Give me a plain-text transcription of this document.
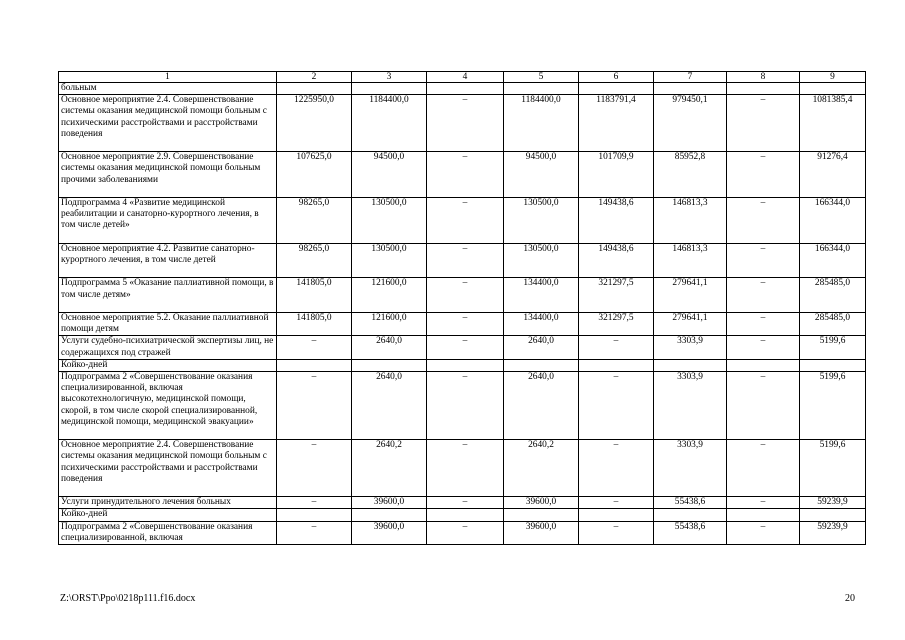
1	2	3	4	5	6	7	8	9
больным								
Основное мероприятие 2.4. Совершенствование системы оказания медицинской помощи больным с психическими расстройствами и расстройствами поведения	1225950,0	1184400,0	–	1184400,0	1183791,4	979450,1	–	1081385,4
Основное мероприятие 2.9. Совершенствование системы оказания медицинской помощи больным прочими заболеваниями	107625,0	94500,0	–	94500,0	101709,9	85952,8	–	91276,4
Подпрограмма 4 «Развитие медицинской реабилитации и санаторно-курортного лечения, в том числе детей»	98265,0	130500,0	–	130500,0	149438,6	146813,3	–	166344,0
Основное мероприятие 4.2. Развитие санаторно-курортного лечения, в том числе детей	98265,0	130500,0	–	130500,0	149438,6	146813,3	–	166344,0
Подпрограмма 5 «Оказание паллиативной помощи, в том числе детям»	141805,0	121600,0	–	134400,0	321297,5	279641,1	–	285485,0
Основное мероприятие 5.2. Оказание паллиативной помощи детям	141805,0	121600,0	–	134400,0	321297,5	279641,1	–	285485,0
Услуги судебно-психиатрической экспертизы лиц, не содержащихся под стражей	–	2640,0	–	2640,0	–	3303,9	–	5199,6
Койко-дней								
Подпрограмма 2 «Совершенствование оказания специализированной, включая высокотехнологичную, медицинской помощи, скорой, в том числе скорой специализированной, медицинской помощи, медицинской эвакуации»	–	2640,0	–	2640,0	–	3303,9	–	5199,6
Основное мероприятие 2.4. Совершенствование системы оказания медицинской помощи больным с психическими расстройствами и расстройствами поведения	–	2640,2	–	2640,2	–	3303,9	–	5199,6
Услуги принудительного лечения больных	–	39600,0	–	39600,0	–	55438,6	–	59239,9
Койко-дней								
Подпрограмма 2 «Совершенствование оказания специализированной, включая	–	39600,0	–	39600,0	–	55438,6	–	59239,9
Z:\ORST\Ppo\0218p111.f16.docx	20
